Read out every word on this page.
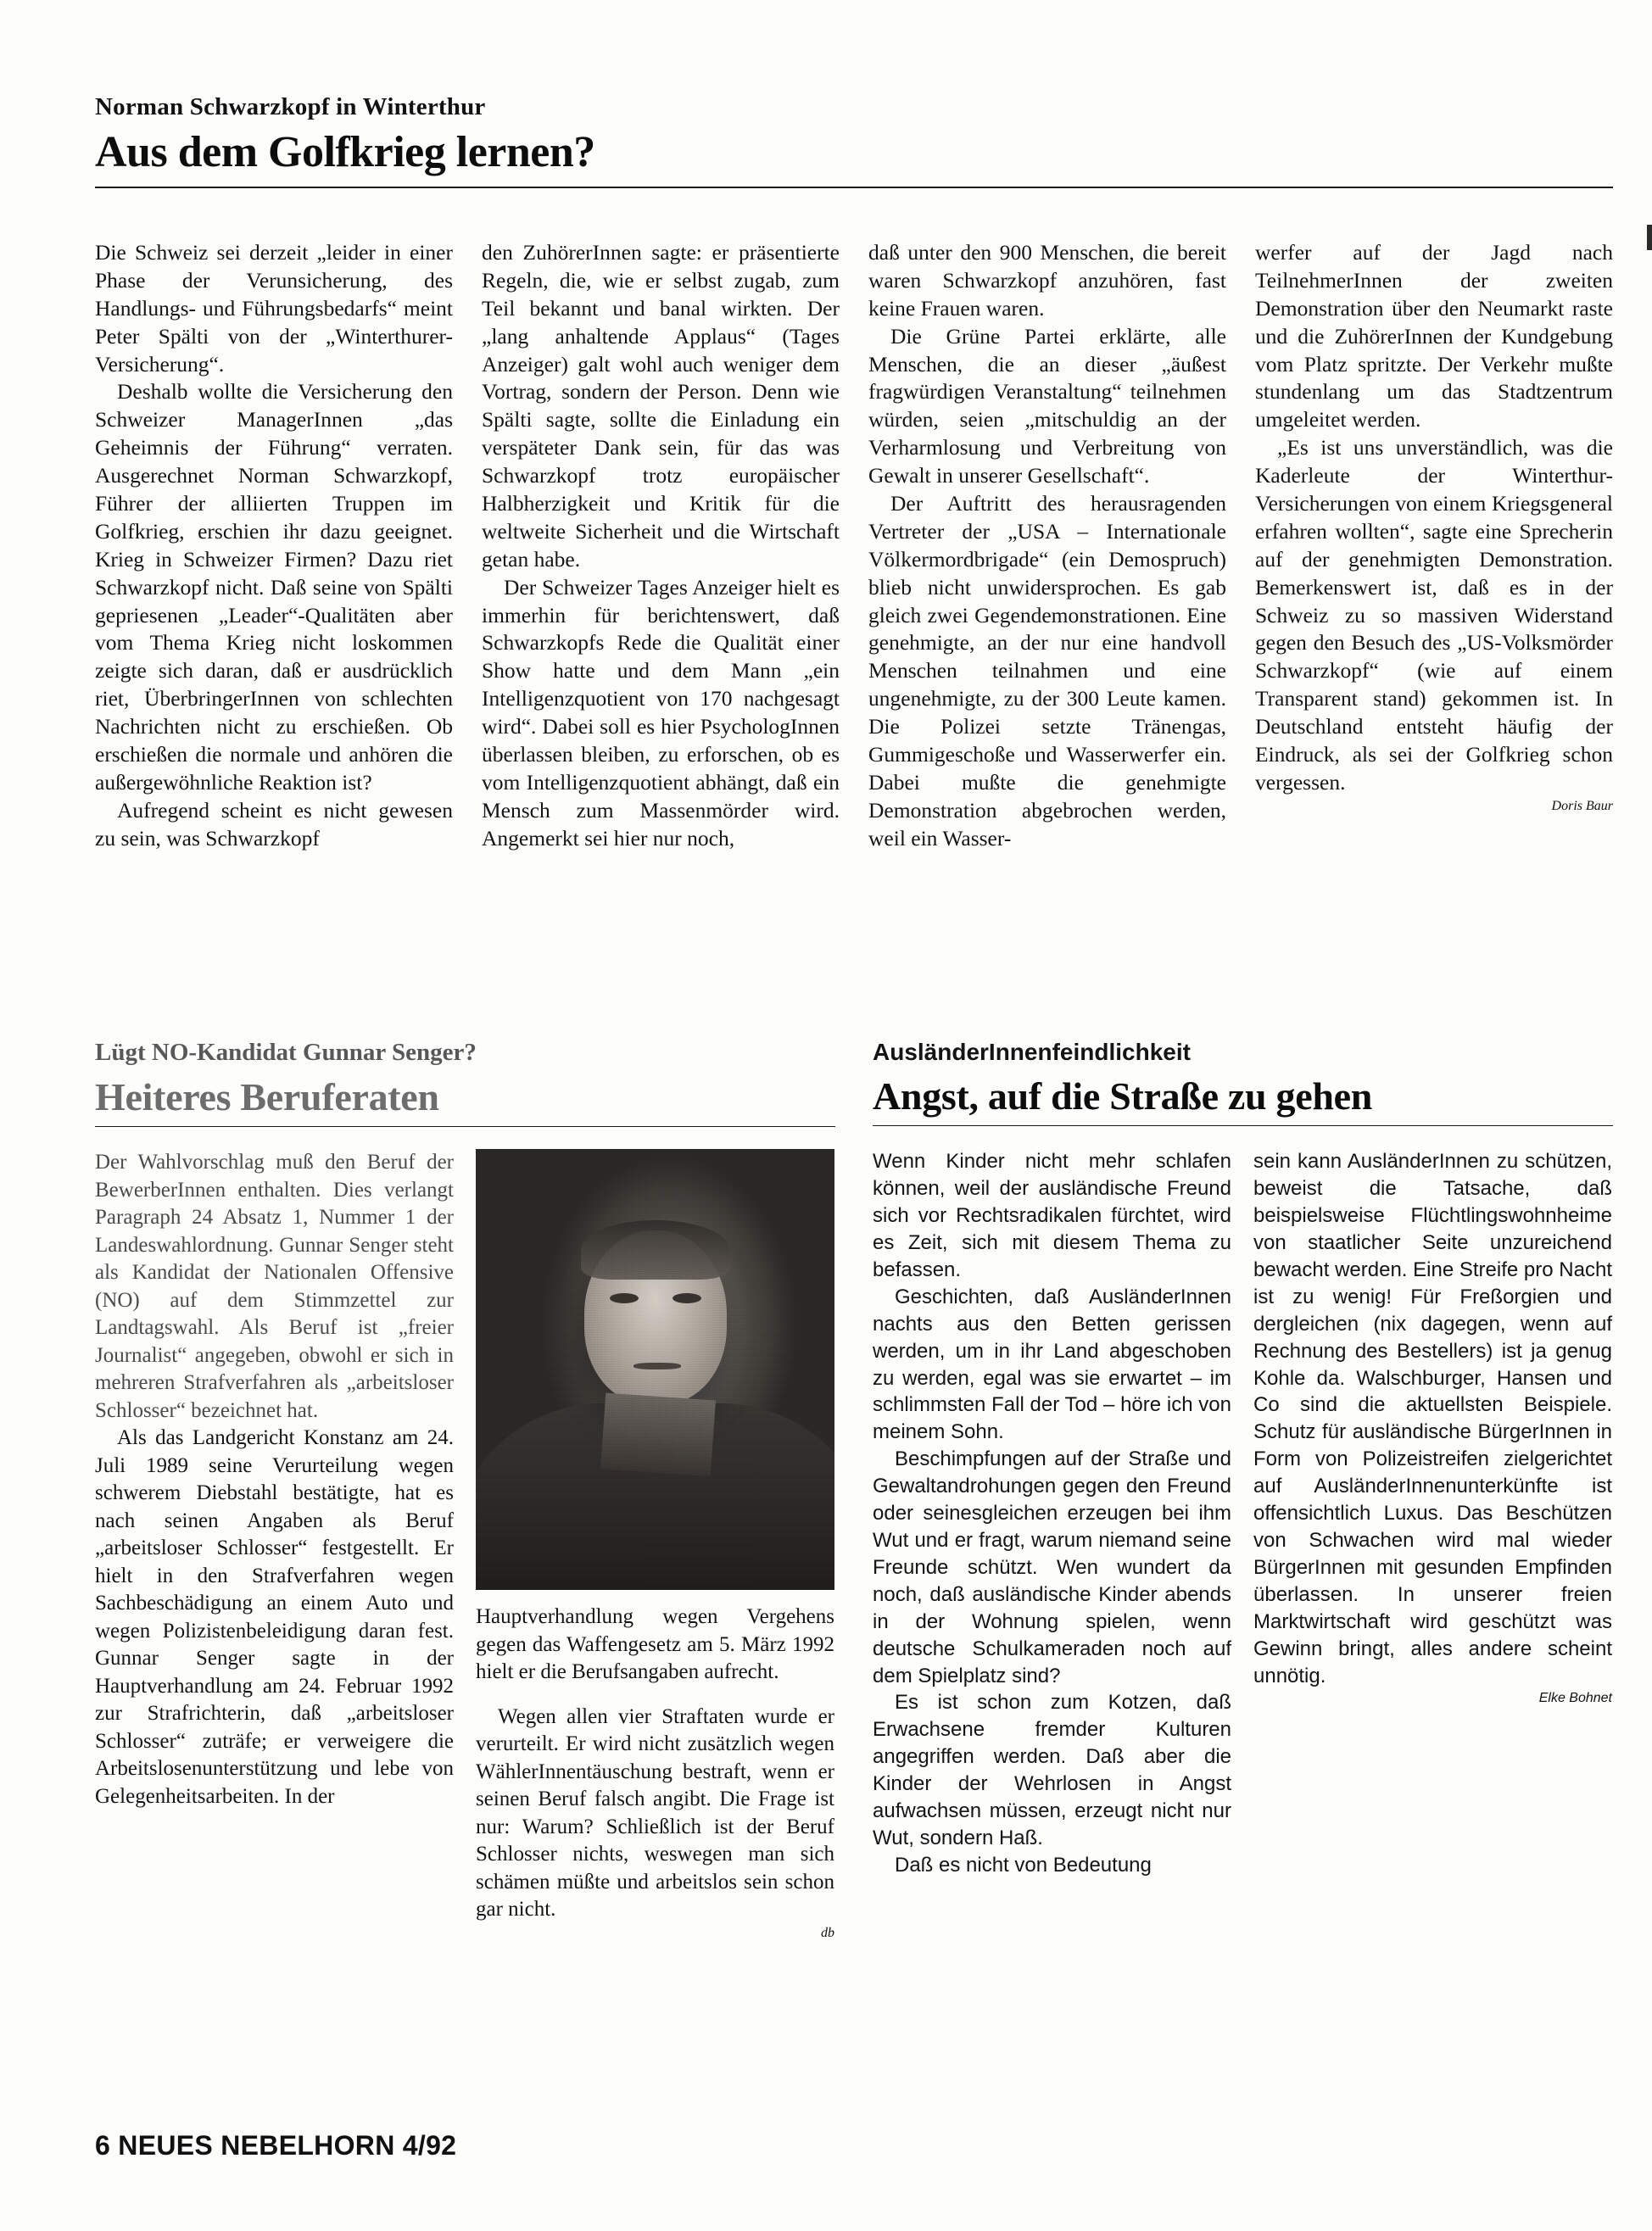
Norman Schwarzkopf in Winterthur
Aus dem Golfkrieg lernen?

Die Schweiz sei derzeit „leider in einer Phase der Verunsicherung, des Handlungs- und Führungsbedarfs“ meint Peter Spälti von der „Winterthurer-Versicherung“.

Deshalb wollte die Versicherung den Schweizer ManagerInnen „das Geheimnis der Führung“ verraten. Ausgerechnet Norman Schwarzkopf, Führer der alliierten Truppen im Golfkrieg, erschien ihr dazu geeignet. Krieg in Schweizer Firmen? Dazu riet Schwarzkopf nicht. Daß seine von Spälti gepriesenen „Leader“-Qualitäten aber vom Thema Krieg nicht loskommen zeigte sich daran, daß er ausdrücklich riet, ÜberbringerInnen von schlechten Nachrichten nicht zu erschießen. Ob erschießen die normale und anhören die außergewöhnliche Reaktion ist?

Aufregend scheint es nicht gewesen zu sein, was Schwarzkopf

den ZuhörerInnen sagte: er präsentierte Regeln, die, wie er selbst zugab, zum Teil bekannt und banal wirkten. Der „lang anhaltende Applaus“ (Tages Anzeiger) galt wohl auch weniger dem Vortrag, sondern der Person. Denn wie Spälti sagte, sollte die Einladung ein verspäteter Dank sein, für das was Schwarzkopf trotz europäischer Halbherzigkeit und Kritik für die weltweite Sicherheit und die Wirtschaft getan habe.

Der Schweizer Tages Anzeiger hielt es immerhin für berichtenswert, daß Schwarzkopfs Rede die Qualität einer Show hatte und dem Mann „ein Intelligenzquotient von 170 nachgesagt wird“. Dabei soll es hier PsychologInnen überlassen bleiben, zu erforschen, ob es vom Intelligenzquotient abhängt, daß ein Mensch zum Massenmörder wird. Angemerkt sei hier nur noch,

daß unter den 900 Menschen, die bereit waren Schwarzkopf anzuhören, fast keine Frauen waren.

Die Grüne Partei erklärte, alle Menschen, die an dieser „äußest fragwürdigen Veranstaltung“ teilnehmen würden, seien „mitschuldig an der Verharmlosung und Verbreitung von Gewalt in unserer Gesellschaft“.

Der Auftritt des herausragenden Vertreter der „USA – Internationale Völkermordbrigade“ (ein Demospruch) blieb nicht unwidersprochen. Es gab gleich zwei Gegendemonstrationen. Eine genehmigte, an der nur eine handvoll Menschen teilnahmen und eine ungenehmigte, zu der 300 Leute kamen. Die Polizei setzte Tränengas, Gummigeschoße und Wasserwerfer ein. Dabei mußte die genehmigte Demonstration abgebrochen werden, weil ein Wasser-

werfer auf der Jagd nach TeilnehmerInnen der zweiten Demonstration über den Neumarkt raste und die ZuhörerInnen der Kundgebung vom Platz spritzte. Der Verkehr mußte stundenlang um das Stadtzentrum umgeleitet werden.

„Es ist uns unverständlich, was die Kaderleute der Winterthur-Versicherungen von einem Kriegsgeneral erfahren wollten“, sagte eine Sprecherin auf der genehmigten Demonstration. Bemerkenswert ist, daß es in der Schweiz zu so massiven Widerstand gegen den Besuch des „US-Volksmörder Schwarzkopf“ (wie auf einem Transparent stand) gekommen ist. In Deutschland entsteht häufig der Eindruck, als sei der Golfkrieg schon vergessen.

Doris Baur
Lügt NO-Kandidat Gunnar Senger?
Heiteres Beruferaten

Der Wahlvorschlag muß den Beruf der BewerberInnen enthalten. Dies verlangt Paragraph 24 Absatz 1, Nummer 1 der Landeswahlordnung. Gunnar Senger steht als Kandidat der Nationalen Offensive (NO) auf dem Stimmzettel zur Landtagswahl. Als Beruf ist „freier Journalist“ angegeben, obwohl er sich in mehreren Strafverfahren als „arbeitsloser Schlosser“ bezeichnet hat.

Als das Landgericht Konstanz am 24. Juli 1989 seine Verurteilung wegen schwerem Diebstahl bestätigte, hat es nach seinen Angaben als Beruf „arbeitsloser Schlosser“ festgestellt. Er hielt in den Strafverfahren wegen Sachbeschädigung an einem Auto und wegen Polizistenbeleidigung daran fest. Gunnar Senger sagte in der Hauptverhandlung am 24. Februar 1992 zur Strafrichterin, daß „arbeitsloser Schlosser“ zuträfe; er verweigere die Arbeitslosenunterstützung und lebe von Gelegenheitsarbeiten. In der

Hauptverhandlung wegen Vergehens gegen das Waffengesetz am 5. März 1992 hielt er die Berufsangaben aufrecht.

Wegen allen vier Straftaten wurde er verurteilt. Er wird nicht zusätzlich wegen WählerInnentäuschung bestraft, wenn er seinen Beruf falsch angibt. Die Frage ist nur: Warum? Schließlich ist der Beruf Schlosser nichts, weswegen man sich schämen müßte und arbeitslos sein schon gar nicht.

db
AusländerInnenfeindlichkeit
Angst, auf die Straße zu gehen

Wenn Kinder nicht mehr schlafen können, weil der ausländische Freund sich vor Rechtsradikalen fürchtet, wird es Zeit, sich mit diesem Thema zu befassen.

Geschichten, daß AusländerInnen nachts aus den Betten gerissen werden, um in ihr Land abgeschoben zu werden, egal was sie erwartet – im schlimmsten Fall der Tod – höre ich von meinem Sohn.

Beschimpfungen auf der Straße und Gewaltandrohungen gegen den Freund oder seinesgleichen erzeugen bei ihm Wut und er fragt, warum niemand seine Freunde schützt. Wen wundert da noch, daß ausländische Kinder abends in der Wohnung spielen, wenn deutsche Schulkameraden noch auf dem Spielplatz sind?

Es ist schon zum Kotzen, daß Erwachsene fremder Kulturen angegriffen werden. Daß aber die Kinder der Wehrlosen in Angst aufwachsen müssen, erzeugt nicht nur Wut, sondern Haß.

Daß es nicht von Bedeutung

sein kann AusländerInnen zu schützen, beweist die Tatsache, daß beispielsweise Flüchtlingswohnheime von staatlicher Seite unzureichend bewacht werden. Eine Streife pro Nacht ist zu wenig! Für Freßorgien und dergleichen (nix dagegen, wenn auf Rechnung des Bestellers) ist ja genug Kohle da. Walschburger, Hansen und Co sind die aktuellsten Beispiele. Schutz für ausländische BürgerInnen in Form von Polizeistreifen zielgerichtet auf AusländerInnenunterkünfte ist offensichtlich Luxus. Das Beschützen von Schwachen wird mal wieder BürgerInnen mit gesunden Empfinden überlassen. In unserer freien Marktwirtschaft wird geschützt was Gewinn bringt, alles andere scheint unnötig.

Elke Bohnet
6 NEUES NEBELHORN 4/92
